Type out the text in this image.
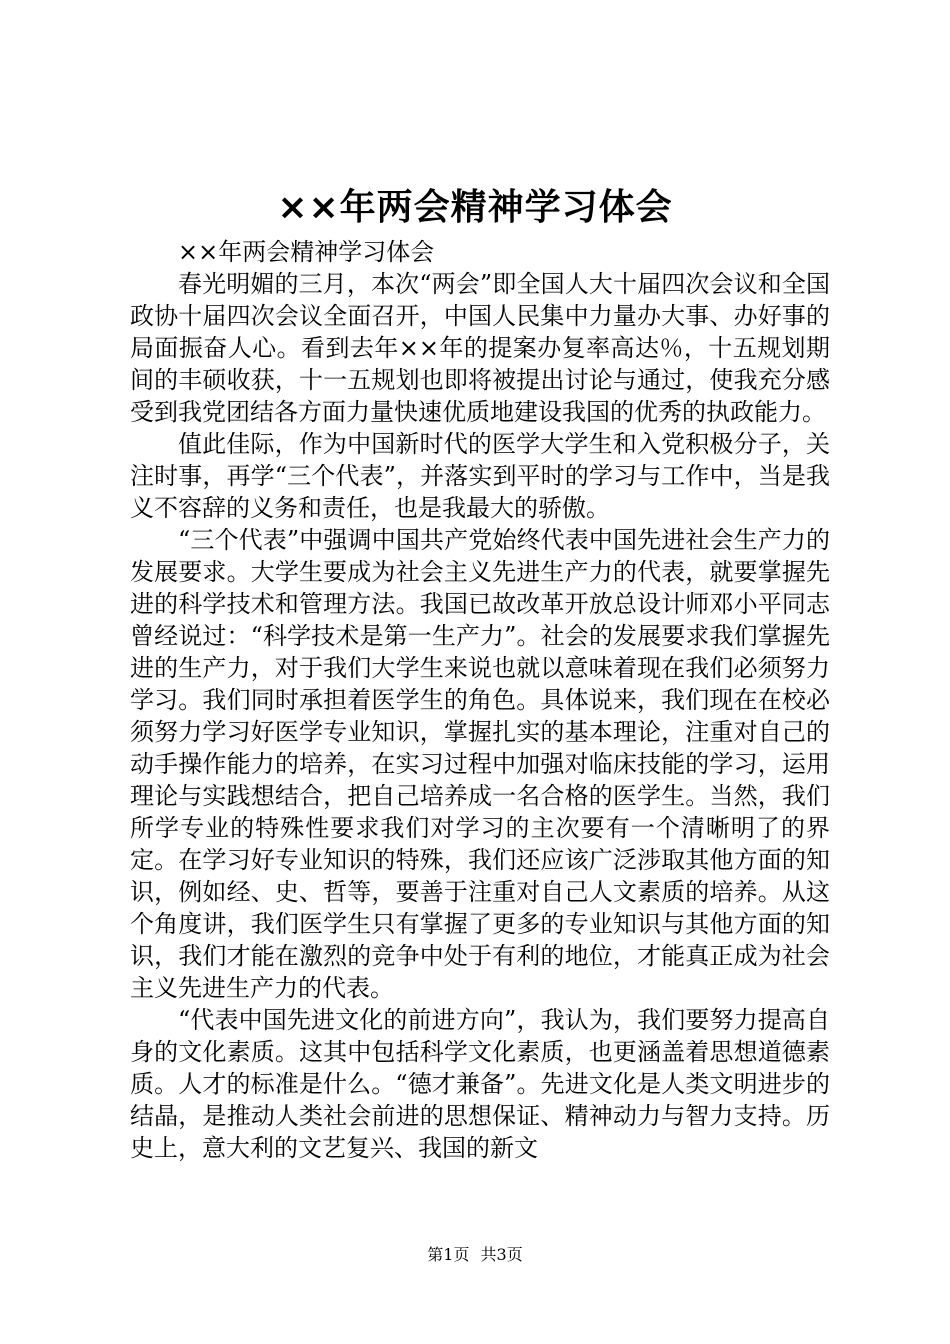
××年两会精神学习体会

××年两会精神学习体会

春光明媚的三月，本次“两会”即全国人大十届四次会议和全国政协十届四次会议全面召开，中国人民集中力量办大事、办好事的局面振奋人心。看到去年××年的提案办复率高达％，十五规划期间的丰硕收获，十一五规划也即将被提出讨论与通过，使我充分感受到我党团结各方面力量快速优质地建设我国的优秀的执政能力。

值此佳际，作为中国新时代的医学大学生和入党积极分子，关注时事，再学“三个代表”，并落实到平时的学习与工作中，当是我义不容辞的义务和责任，也是我最大的骄傲。

“三个代表”中强调中国共产党始终代表中国先进社会生产力的发展要求。大学生要成为社会主义先进生产力的代表，就要掌握先进的科学技术和管理方法。我国已故改革开放总设计师邓小平同志曾经说过：“科学技术是第一生产力”。社会的发展要求我们掌握先进的生产力，对于我们大学生来说也就以意味着现在我们必须努力学习。我们同时承担着医学生的角色。具体说来，我们现在在校必须努力学习好医学专业知识，掌握扎实的基本理论，注重对自己的动手操作能力的培养，在实习过程中加强对临床技能的学习，运用理论与实践想结合，把自己培养成一名合格的医学生。当然，我们所学专业的特殊性要求我们对学习的主次要有一个清晰明了的界定。在学习好专业知识的特殊，我们还应该广泛涉取其他方面的知识，例如经、史、哲等，要善于注重对自己人文素质的培养。从这个角度讲，我们医学生只有掌握了更多的专业知识与其他方面的知识，我们才能在激烈的竞争中处于有利的地位，才能真正成为社会主义先进生产力的代表。

“代表中国先进文化的前进方向”，我认为，我们要努力提高自身的文化素质。这其中包括科学文化素质，也更涵盖着思想道德素质。人才的标准是什么。“德才兼备”。先进文化是人类文明进步的结晶，是推动人类社会前进的思想保证、精神动力与智力支持。历史上，意大利的文艺复兴、我国的新文

第1页 共3页
